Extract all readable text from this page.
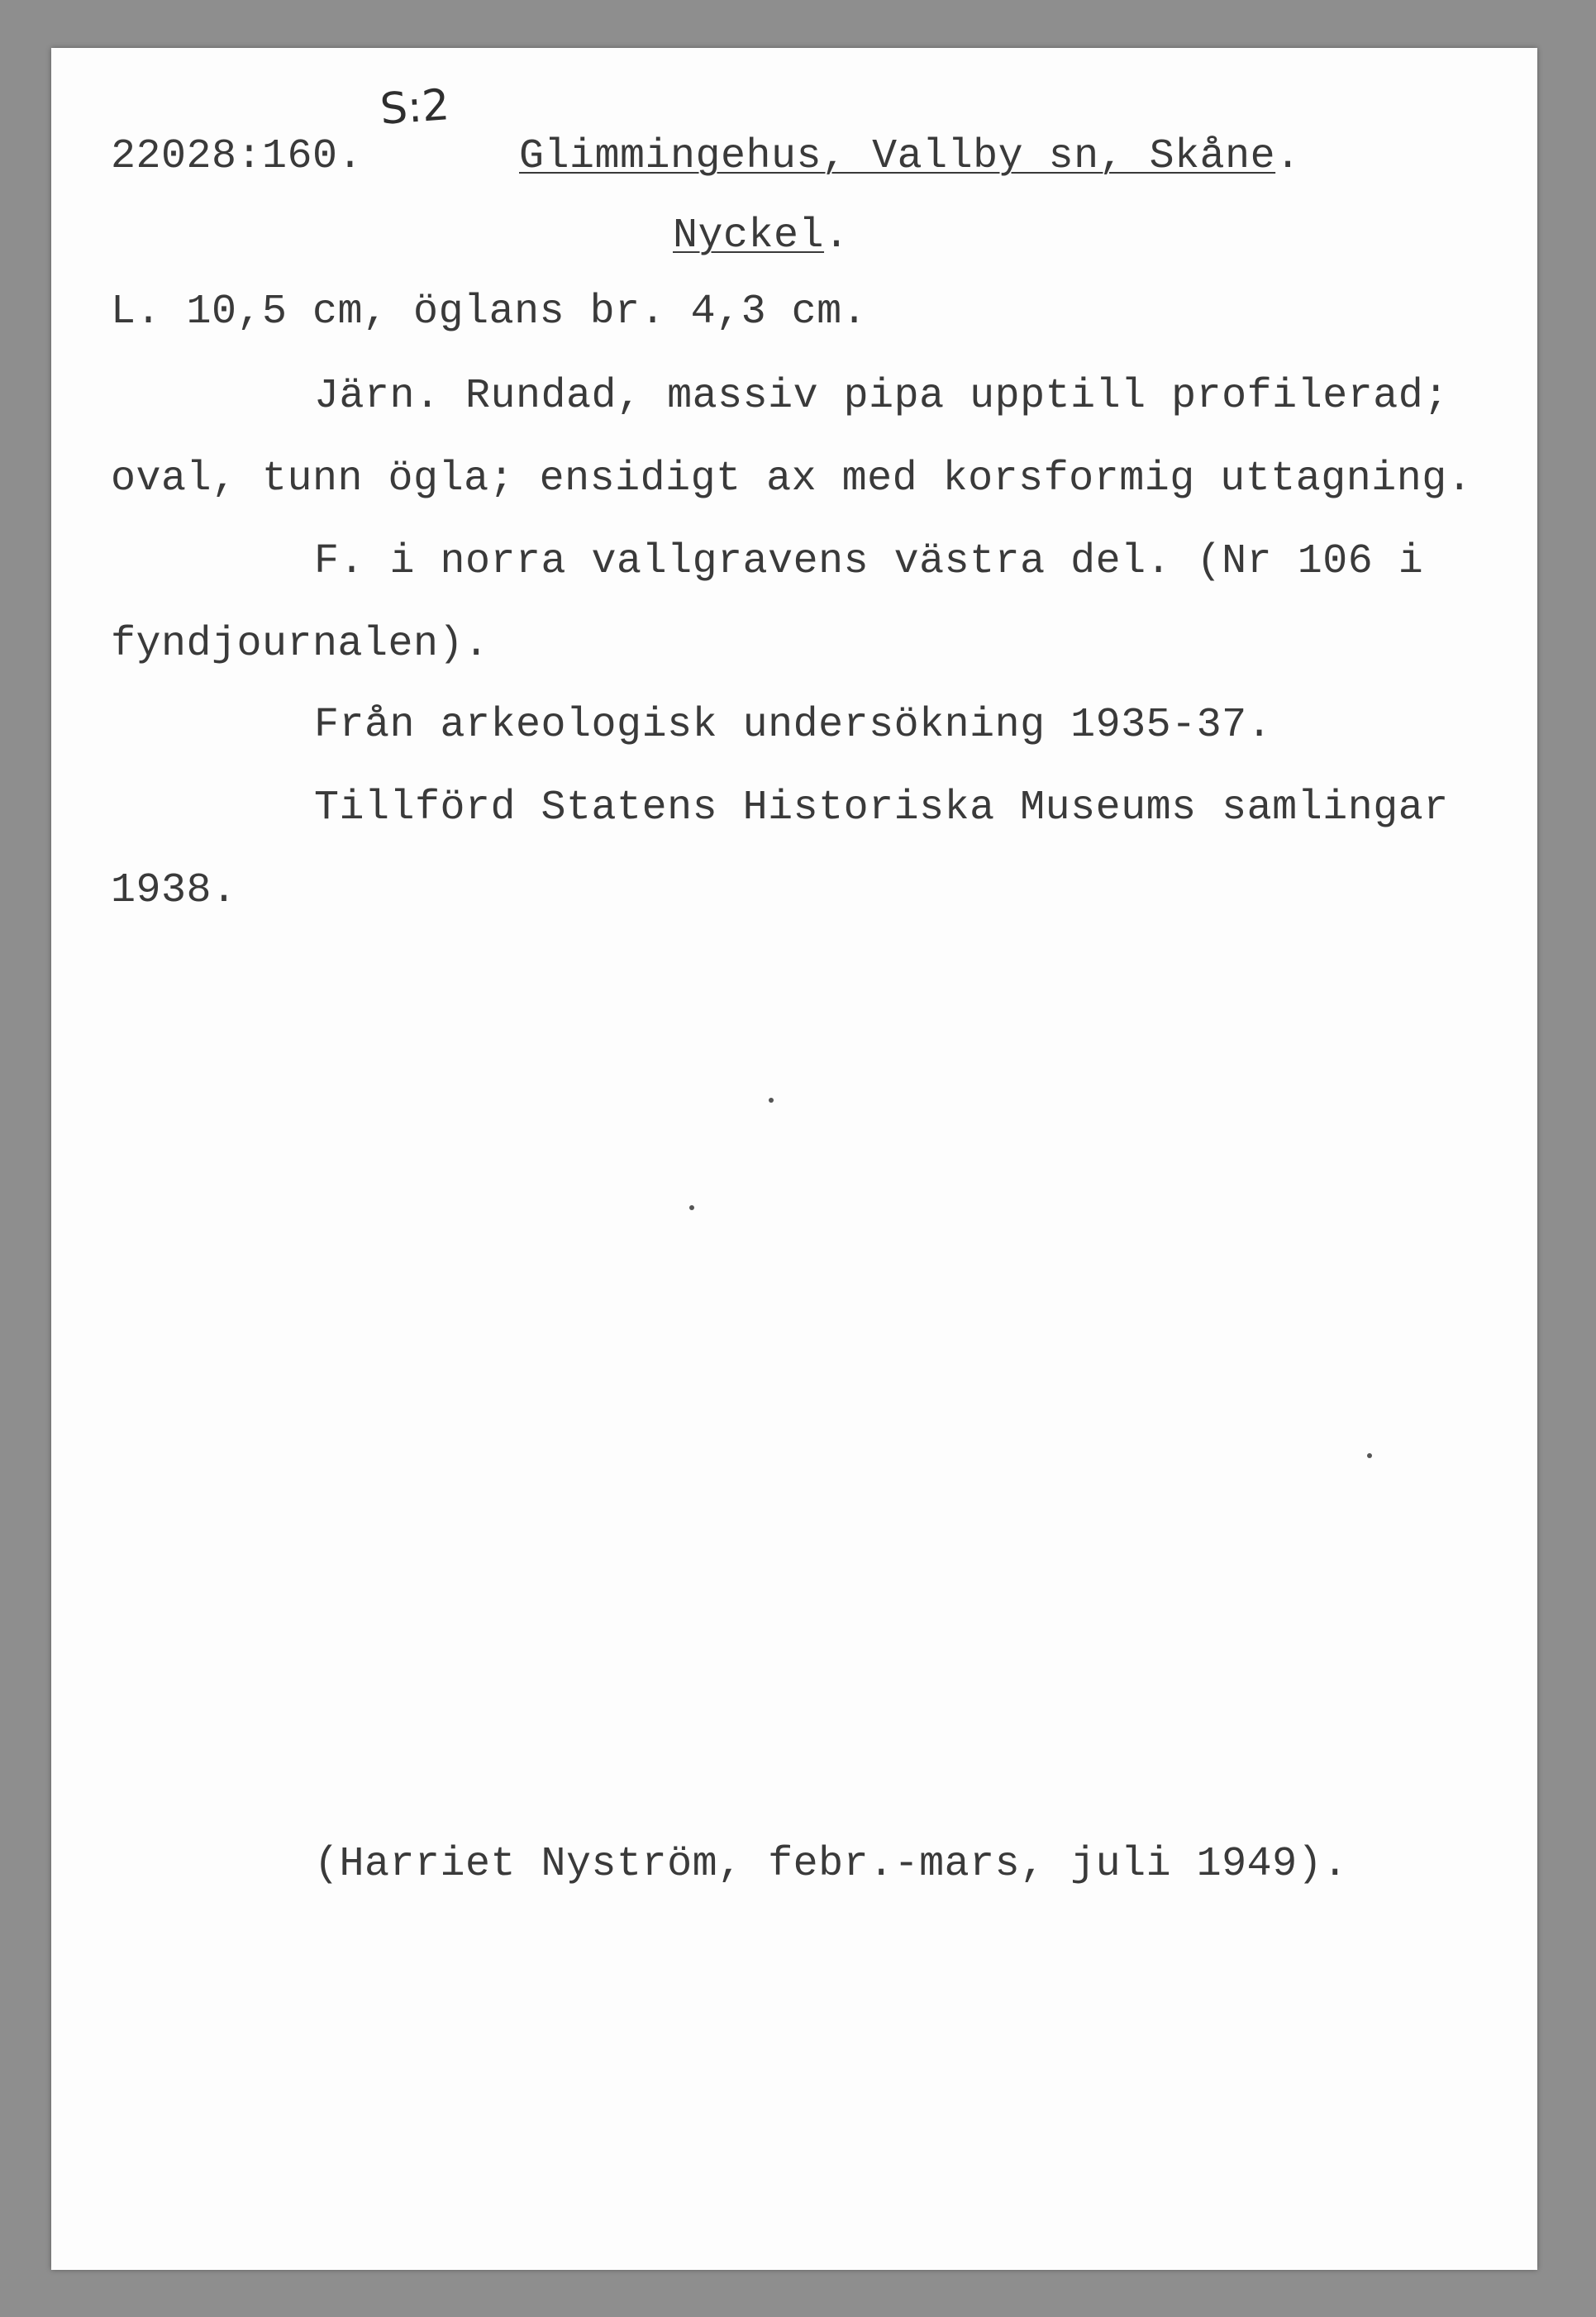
22028:160.
S:2
Glimmingehus, Vallby sn, Skåne.
Nyckel.
L. 10,5 cm, öglans br. 4,3 cm.
Järn. Rundad, massiv pipa upptill profilerad;
oval, tunn ögla; ensidigt ax med korsformig uttagning.
F. i norra vallgravens västra del. (Nr 106 i
fyndjournalen).
Från arkeologisk undersökning 1935-37.
Tillförd Statens Historiska Museums samlingar
1938.
(Harriet Nyström, febr.-mars, juli 1949).
